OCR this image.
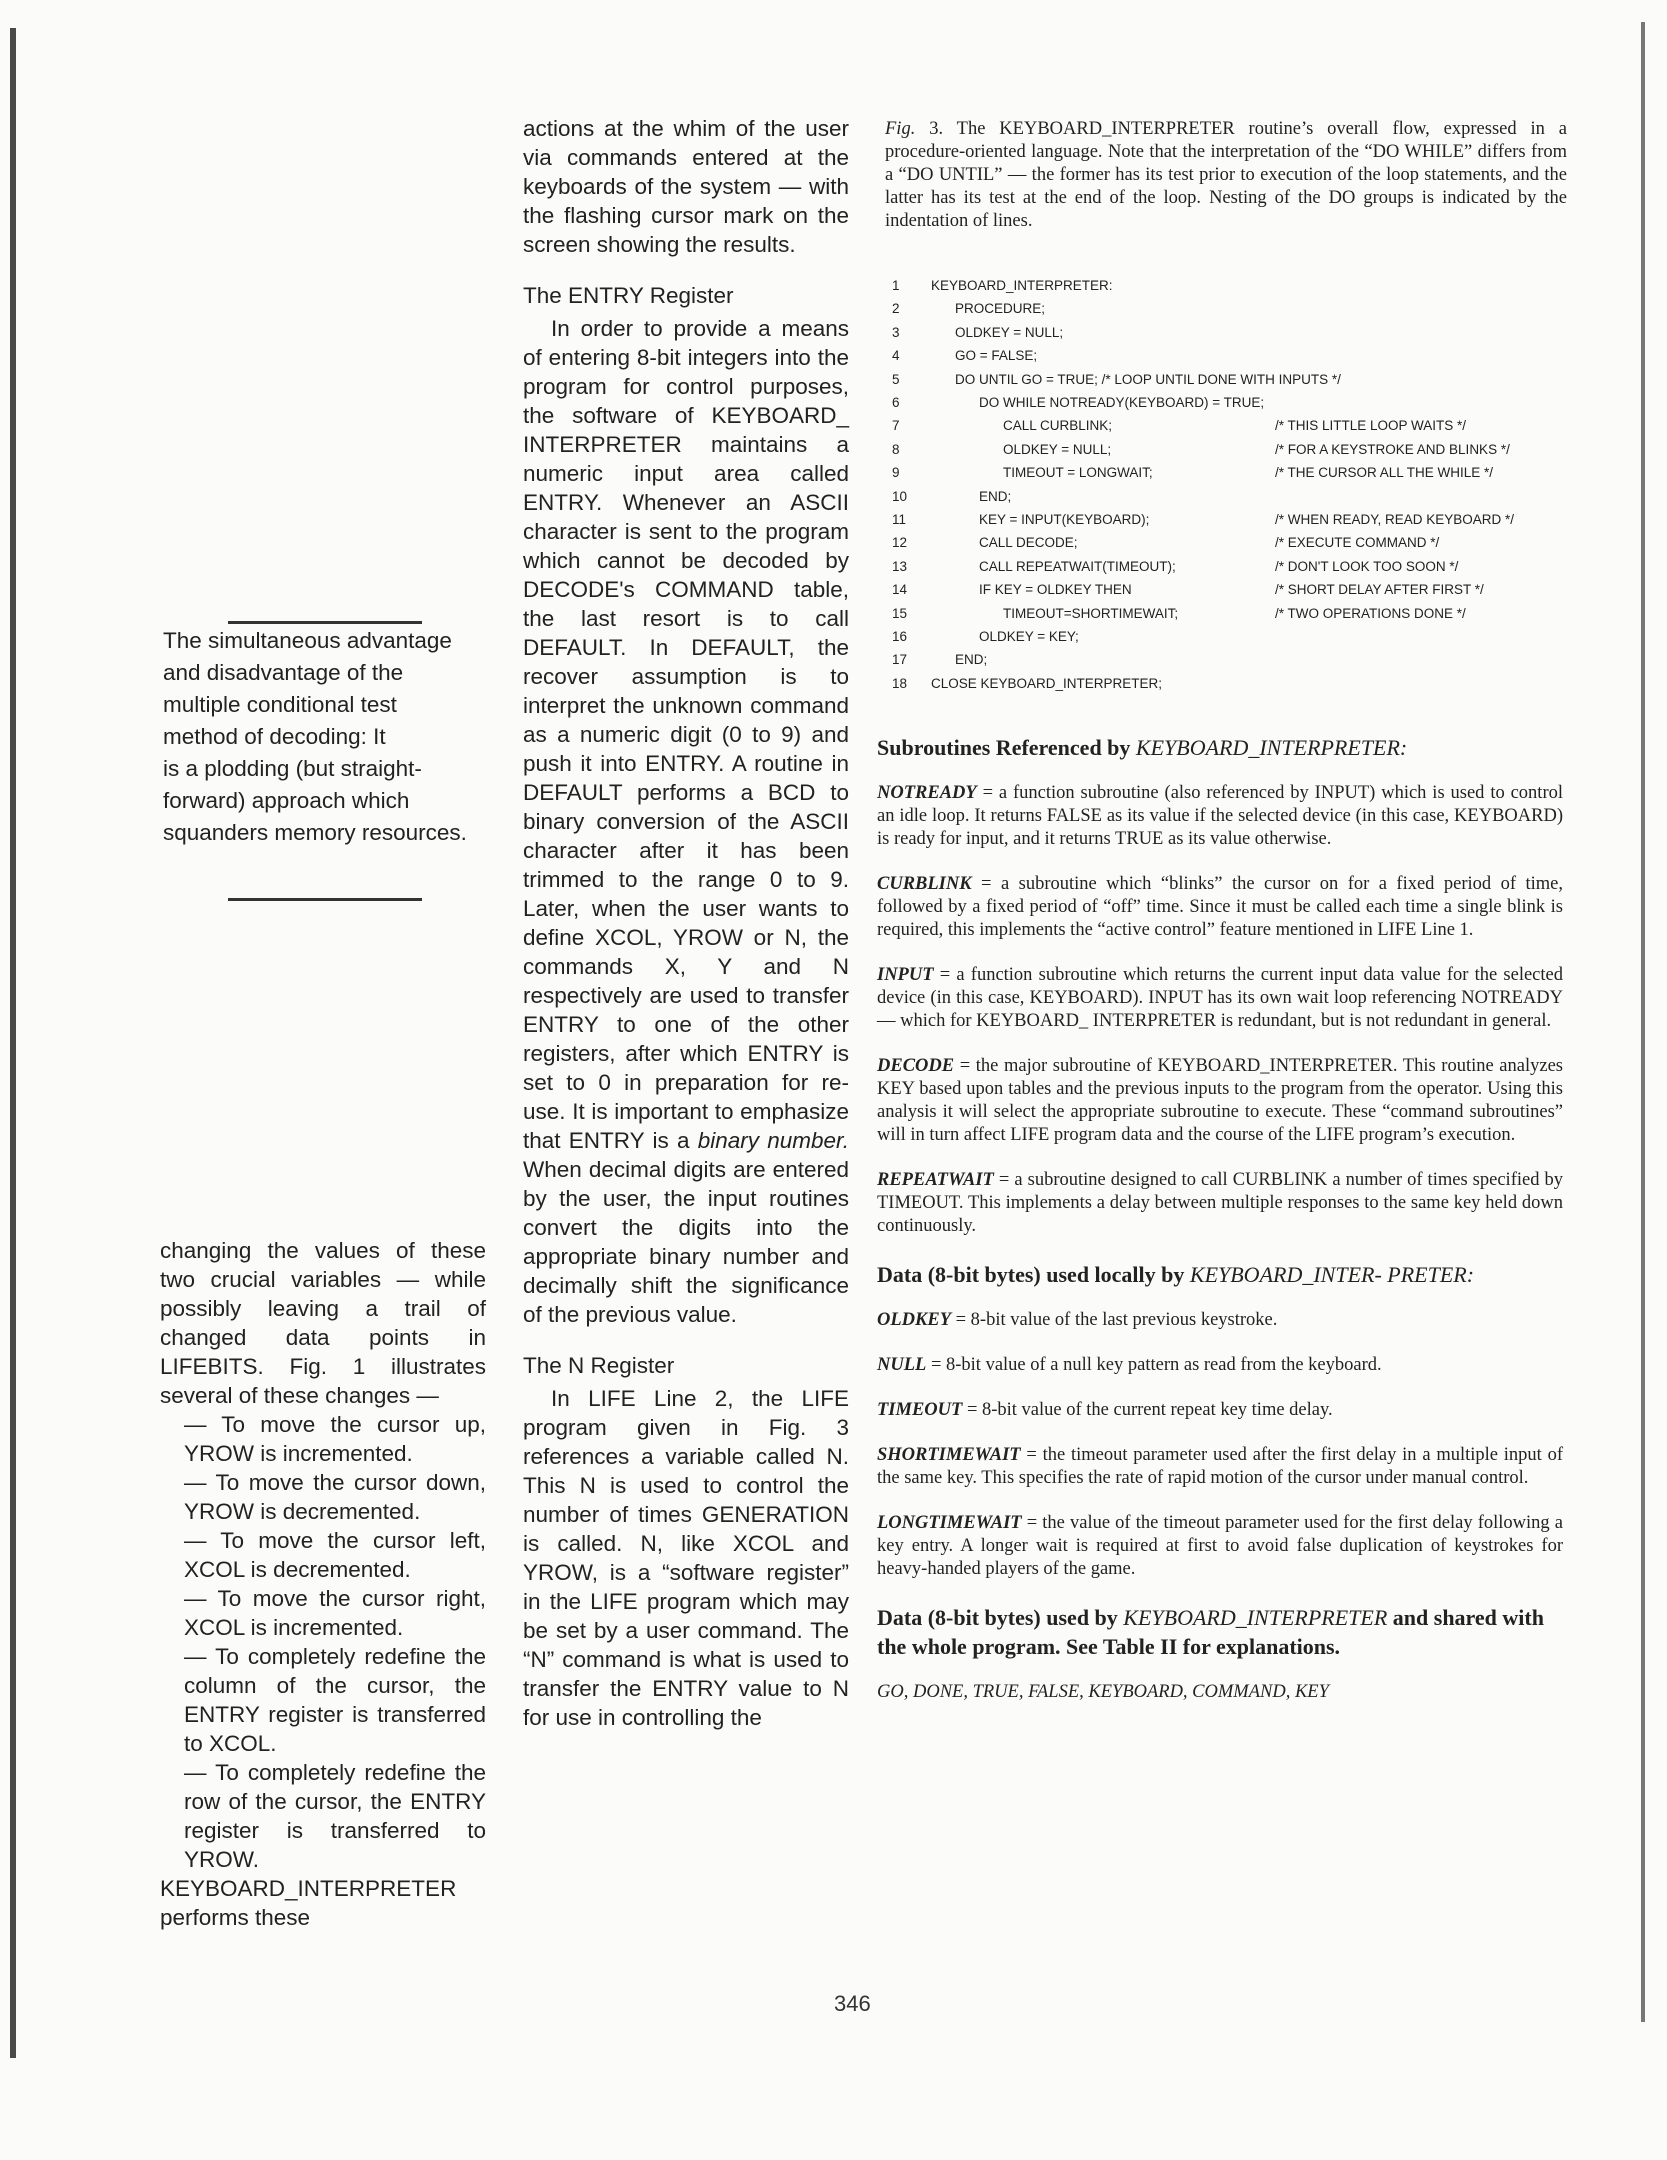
The simultaneous advantage
and disadvantage of the
multiple conditional test
method of decoding: It
is a plodding (but straight-
forward) approach which
squanders memory resources.

changing the values of these two crucial variables — while possibly leaving a trail of changed data points in LIFEBITS. Fig. 1 illustrates several of these changes —

— To move the cursor up, YROW is incremented.

— To move the cursor down, YROW is decremented.

— To move the cursor left, XCOL is decremented.

— To move the cursor right, XCOL is incremented.

— To completely redefine the column of the cursor, the ENTRY register is transferred to XCOL.

— To completely redefine the row of the cursor, the ENTRY register is transferred to YROW.

KEYBOARD_INTERPRETER performs these

actions at the whim of the user via commands entered at the keyboards of the system — with the flashing cursor mark on the screen showing the results.

The ENTRY Register

In order to provide a means of entering 8-bit integers into the program for control purposes, the software of KEYBOARD_ INTERPRETER maintains a numeric input area called ENTRY. Whenever an ASCII character is sent to the program which cannot be decoded by DECODE's COMMAND table, the last resort is to call DEFAULT. In DEFAULT, the recover assumption is to interpret the unknown command as a numeric digit (0 to 9) and push it into ENTRY. A routine in DEFAULT performs a BCD to binary conversion of the ASCII character after it has been trimmed to the range 0 to 9. Later, when the user wants to define XCOL, YROW or N, the commands X, Y and N respectively are used to transfer ENTRY to one of the other registers, after which ENTRY is set to 0 in preparation for re-use. It is important to emphasize that ENTRY is a binary number. When decimal digits are entered by the user, the input routines convert the digits into the appropriate binary number and decimally shift the significance of the previous value.

The N Register

In LIFE Line 2, the LIFE program given in Fig. 3 references a variable called N. This N is used to control the number of times GENERATION is called. N, like XCOL and YROW, is a “software register” in the LIFE program which may be set by a user command. The “N” command is what is used to transfer the ENTRY value to N for use in controlling the

Fig. 3. The KEYBOARD_INTERPRETER routine’s overall flow, expressed in a procedure-oriented language. Note that the interpretation of the “DO WHILE” differs from a “DO UNTIL” — the former has its test prior to execution of the loop statements, and the latter has its test at the end of the loop. Nesting of the DO groups is indicated by the indentation of lines.
1	KEYBOARD_INTERPRETER:
2	PROCEDURE;
3	OLDKEY = NULL;
4	GO = FALSE;
5	DO UNTIL GO = TRUE; /* LOOP UNTIL DONE WITH INPUTS */
6	DO WHILE NOTREADY(KEYBOARD) = TRUE;
7	CALL CURBLINK;	/* THIS LITTLE LOOP WAITS */
8	OLDKEY = NULL;	/* FOR A KEYSTROKE AND BLINKS */
9	TIMEOUT = LONGWAIT;	/* THE CURSOR ALL THE WHILE */
10	END;
11	KEY = INPUT(KEYBOARD);	/* WHEN READY, READ KEYBOARD */
12	CALL DECODE;	/* EXECUTE COMMAND */
13	CALL REPEATWAIT(TIMEOUT);	/* DON'T LOOK TOO SOON */
14	IF KEY = OLDKEY THEN	/* SHORT DELAY AFTER FIRST */
15	TIMEOUT=SHORTIMEWAIT;	/* TWO OPERATIONS DONE */
16	OLDKEY = KEY;
17	END;
18	CLOSE KEYBOARD_INTERPRETER;
Subroutines Referenced by KEYBOARD_INTERPRETER:

NOTREADY = a function subroutine (also referenced by INPUT) which is used to control an idle loop. It returns FALSE as its value if the selected device (in this case, KEYBOARD) is ready for input, and it returns TRUE as its value otherwise.

CURBLINK = a subroutine which “blinks” the cursor on for a fixed period of time, followed by a fixed period of “off” time. Since it must be called each time a single blink is required, this implements the “active control” feature mentioned in LIFE Line 1.

INPUT = a function subroutine which returns the current input data value for the selected device (in this case, KEYBOARD). INPUT has its own wait loop referencing NOTREADY — which for KEYBOARD_ INTERPRETER is redundant, but is not redundant in general.

DECODE = the major subroutine of KEYBOARD_INTERPRETER. This routine analyzes KEY based upon tables and the previous inputs to the program from the operator. Using this analysis it will select the appropriate subroutine to execute. These “command subroutines” will in turn affect LIFE program data and the course of the LIFE program’s execution.

REPEATWAIT = a subroutine designed to call CURBLINK a number of times specified by TIMEOUT. This implements a delay between multiple responses to the same key held down continuously.

Data (8-bit bytes) used locally by KEYBOARD_INTER- PRETER:

OLDKEY = 8-bit value of the last previous keystroke.

NULL = 8-bit value of a null key pattern as read from the keyboard.

TIMEOUT = 8-bit value of the current repeat key time delay.

SHORTIMEWAIT = the timeout parameter used after the first delay in a multiple input of the same key. This specifies the rate of rapid motion of the cursor under manual control.

LONGTIMEWAIT = the value of the timeout parameter used for the first delay following a key entry. A longer wait is required at first to avoid false duplication of keystrokes for heavy-handed players of the game.

Data (8-bit bytes) used by KEYBOARD_INTERPRETER and shared with the whole program. See Table II for explanations.
GO, DONE, TRUE, FALSE, KEYBOARD, COMMAND, KEY
346
